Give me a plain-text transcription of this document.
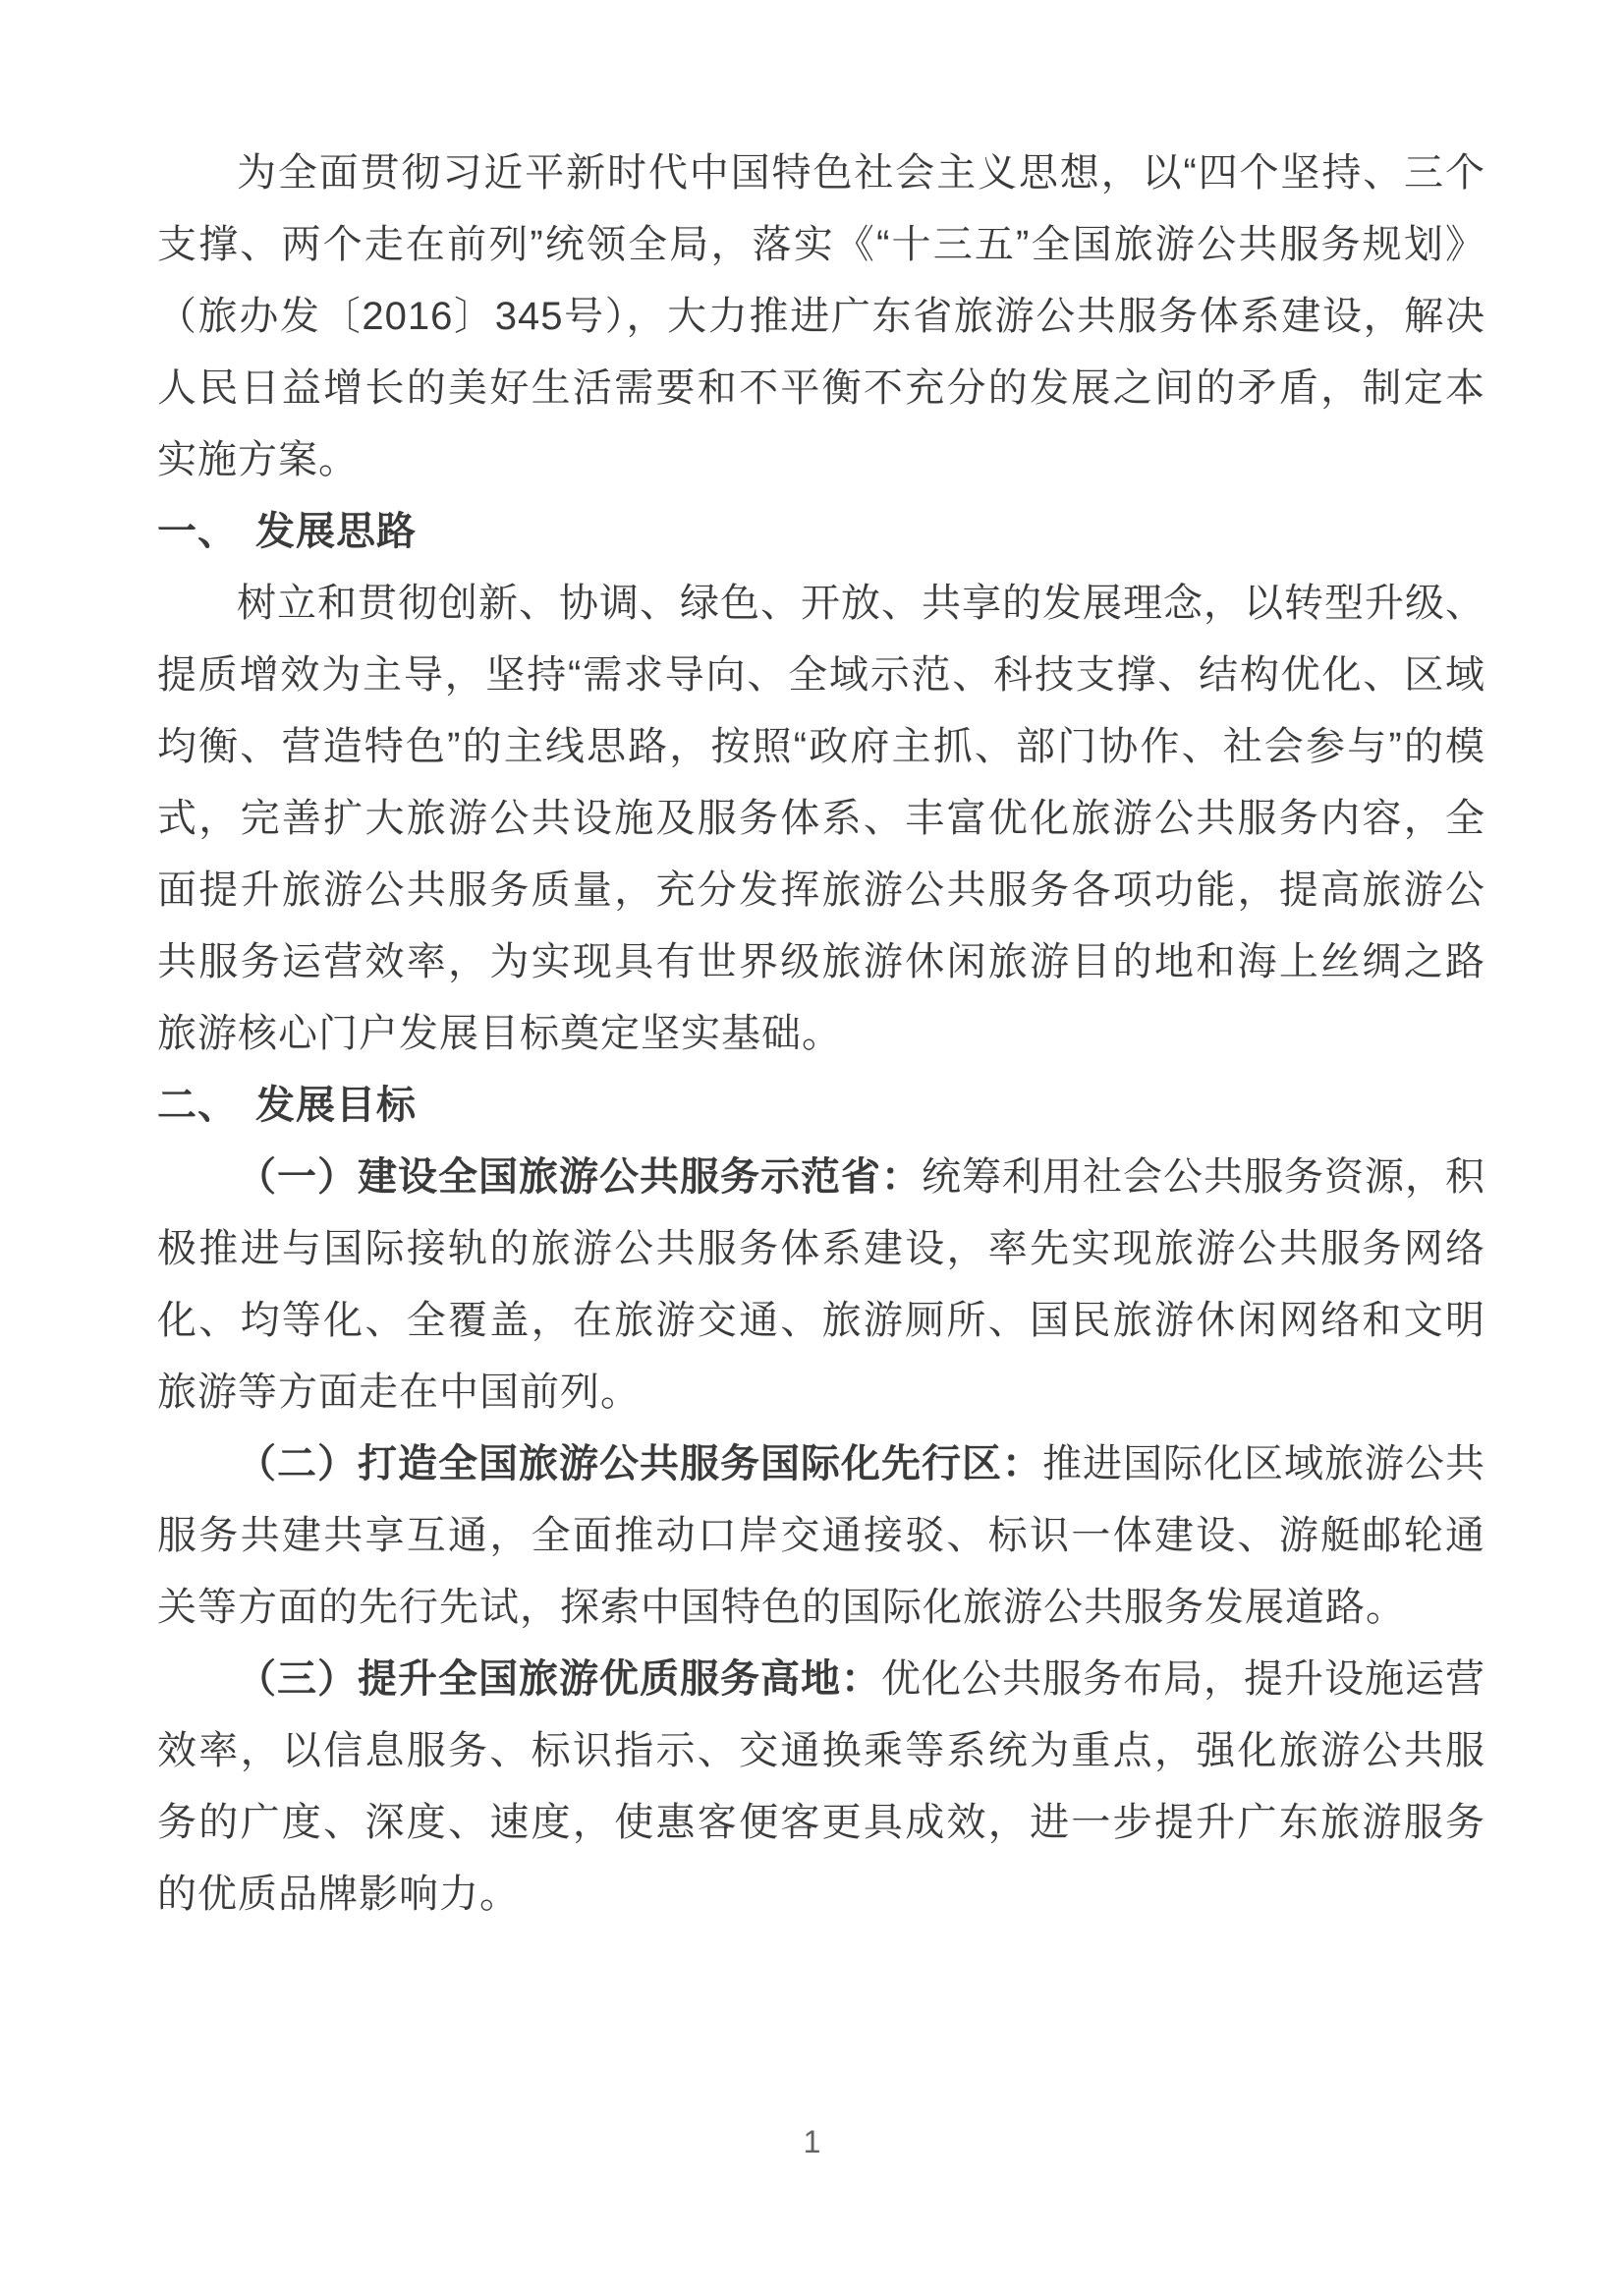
为全面贯彻习近平新时代中国特色社会主义思想，以“四个坚持、三个支撑、两个走在前列”统领全局，落实《“十三五”全国旅游公共服务规划》（旅办发〔2016〕345号），大力推进广东省旅游公共服务体系建设，解决人民日益增长的美好生活需要和不平衡不充分的发展之间的矛盾，制定本实施方案。

一、 发展思路

树立和贯彻创新、协调、绿色、开放、共享的发展理念，以转型升级、提质增效为主导，坚持“需求导向、全域示范、科技支撑、结构优化、区域均衡、营造特色”的主线思路，按照“政府主抓、部门协作、社会参与”的模式，完善扩大旅游公共设施及服务体系、丰富优化旅游公共服务内容，全面提升旅游公共服务质量，充分发挥旅游公共服务各项功能，提高旅游公共服务运营效率，为实现具有世界级旅游休闲旅游目的地和海上丝绸之路旅游核心门户发展目标奠定坚实基础。

二、 发展目标

（一）建设全国旅游公共服务示范省：统筹利用社会公共服务资源，积极推进与国际接轨的旅游公共服务体系建设，率先实现旅游公共服务网络化、均等化、全覆盖，在旅游交通、旅游厕所、国民旅游休闲网络和文明旅游等方面走在中国前列。

（二）打造全国旅游公共服务国际化先行区：推进国际化区域旅游公共服务共建共享互通，全面推动口岸交通接驳、标识一体建设、游艇邮轮通关等方面的先行先试，探索中国特色的国际化旅游公共服务发展道路。

（三）提升全国旅游优质服务高地：优化公共服务布局，提升设施运营效率，以信息服务、标识指示、交通换乘等系统为重点，强化旅游公共服务的广度、深度、速度，使惠客便客更具成效，进一步提升广东旅游服务的优质品牌影响力。

1
